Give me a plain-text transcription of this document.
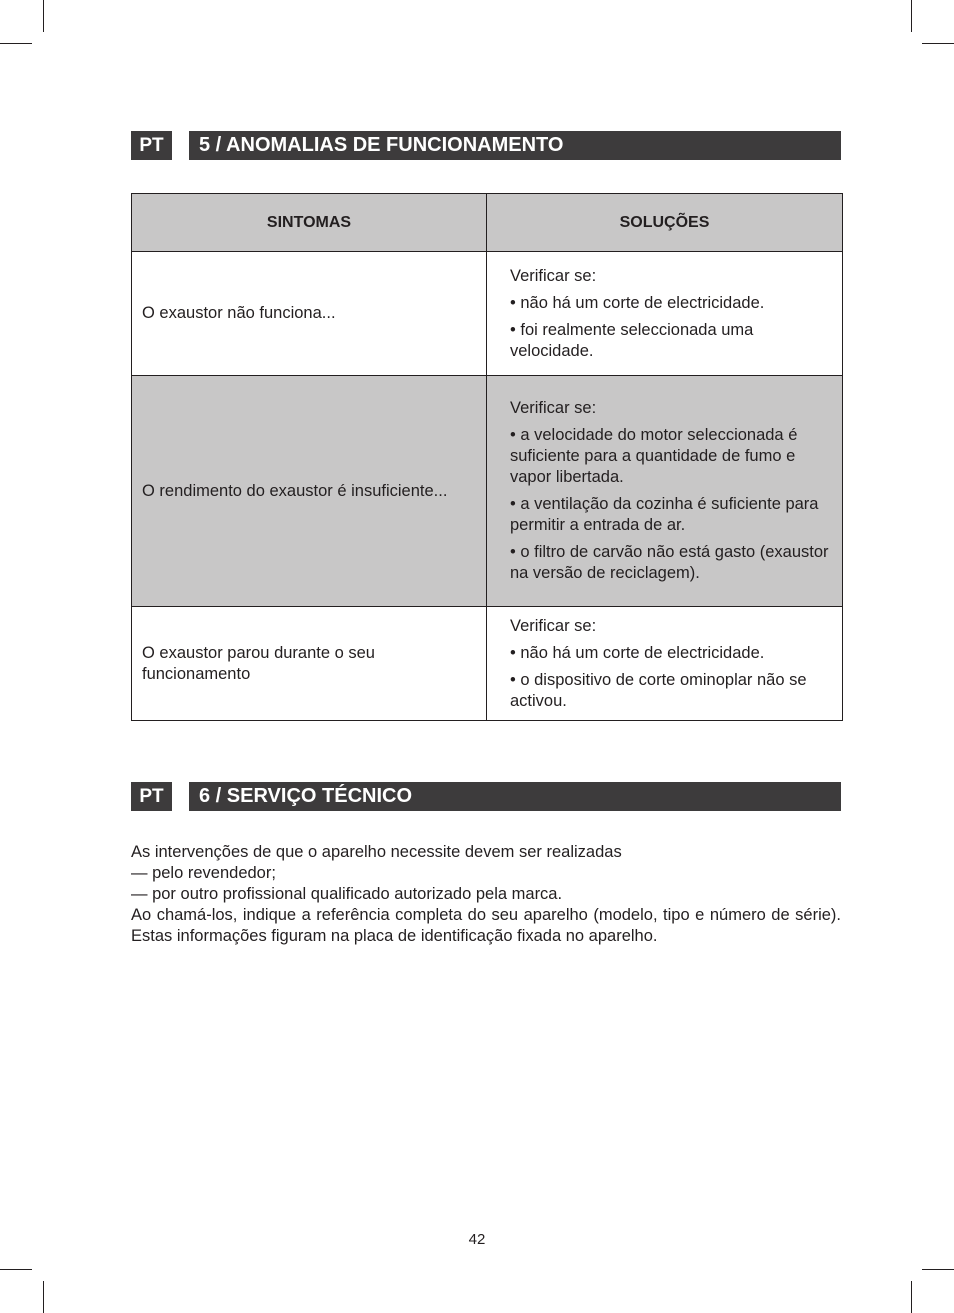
PT	5 / ANOMALIAS DE FUNCIONAMENTO
SINTOMAS	SOLUÇÕES
O exaustor não funciona...	Verificar se:

• não há um corte de electricidade.

• foi realmente seleccionada uma velocidade.

O rendimento do exaustor é insuficiente...	Verificar se:

• a velocidade do motor seleccionada é suficiente para a quantidade de fumo e vapor libertada.

• a ventilação da cozinha é suficiente para permitir a entrada de ar.

• o filtro de carvão não está gasto (exaustor na versão de reciclagem).

O exaustor parou durante o seu funcionamento	Verificar se:

• não há um corte de electricidade.

• o dispositivo de corte ominoplar não se activou.

PT	6 / SERVIÇO TÉCNICO

As intervenções de que o aparelho necessite devem ser realizadas

— pelo revendedor;

— por outro profissional qualificado autorizado pela marca.

Ao chamá-los, indique a referência completa do seu aparelho (modelo, tipo e número de série). Estas informações figuram na placa de identificação fixada no aparelho.

42
